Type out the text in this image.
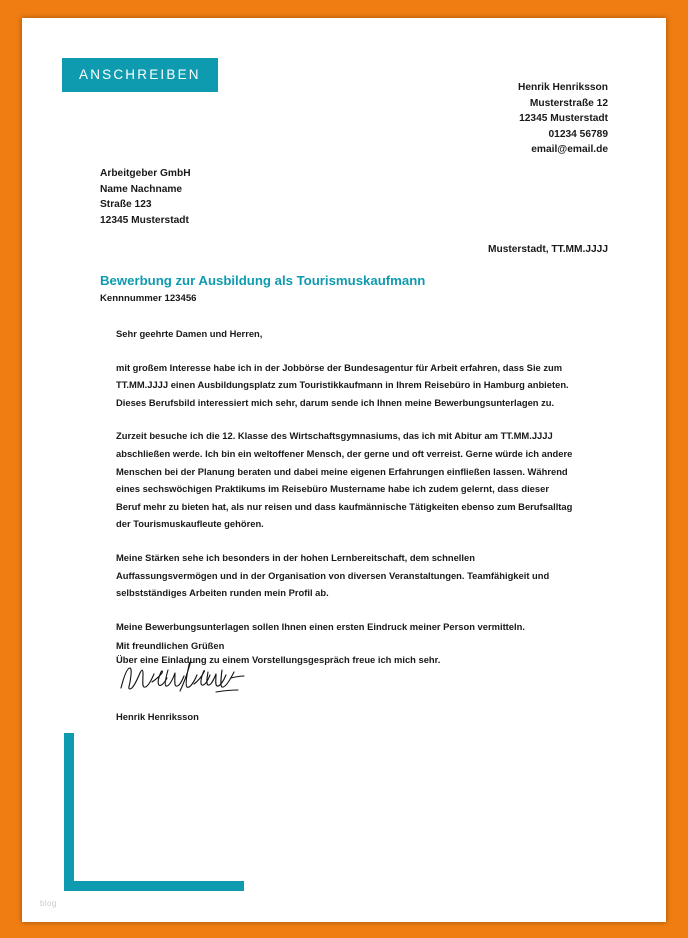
ANSCHREIBEN
Henrik Henriksson
Musterstraße 12
12345 Musterstadt
01234 56789
email@email.de
Arbeitgeber GmbH
Name Nachname
Straße 123
12345 Musterstadt
Musterstadt, TT.MM.JJJJ
Bewerbung zur Ausbildung als Tourismuskaufmann
Kennnummer 123456

Sehr geehrte Damen und Herren,

mit großem Interesse habe ich in der Jobbörse der Bundesagentur für Arbeit erfahren, dass Sie zum TT.MM.JJJJ einen Ausbildungsplatz zum Touristikkaufmann in Ihrem Reisebüro in Hamburg anbieten. Dieses Berufsbild interessiert mich sehr, darum sende ich Ihnen meine Bewerbungsunterlagen zu.

Zurzeit besuche ich die 12. Klasse des Wirtschaftsgymnasiums, das ich mit Abitur am TT.MM.JJJJ abschließen werde. Ich bin ein weltoffener Mensch, der gerne und oft verreist. Gerne würde ich andere Menschen bei der Planung beraten und dabei meine eigenen Erfahrungen einfließen lassen. Während eines sechswöchigen Praktikums im Reisebüro Mustername habe ich zudem gelernt, dass dieser Beruf mehr zu bieten hat, als nur reisen und dass kaufmännische Tätigkeiten ebenso zum Berufsalltag der Tourismuskaufleute gehören.

Meine Stärken sehe ich besonders in der hohen Lernbereitschaft, dem schnellen Auffassungsvermögen und in der Organisation von diversen Veranstaltungen. Teamfähigkeit und selbstständiges Arbeiten runden mein Profil ab.

Meine Bewerbungsunterlagen sollen Ihnen einen ersten Eindruck meiner Person vermitteln.

Über eine Einladung zu einem Vorstellungsgespräch freue ich mich sehr.

Mit freundlichen Grüßen
Henrik Henriksson
blog
